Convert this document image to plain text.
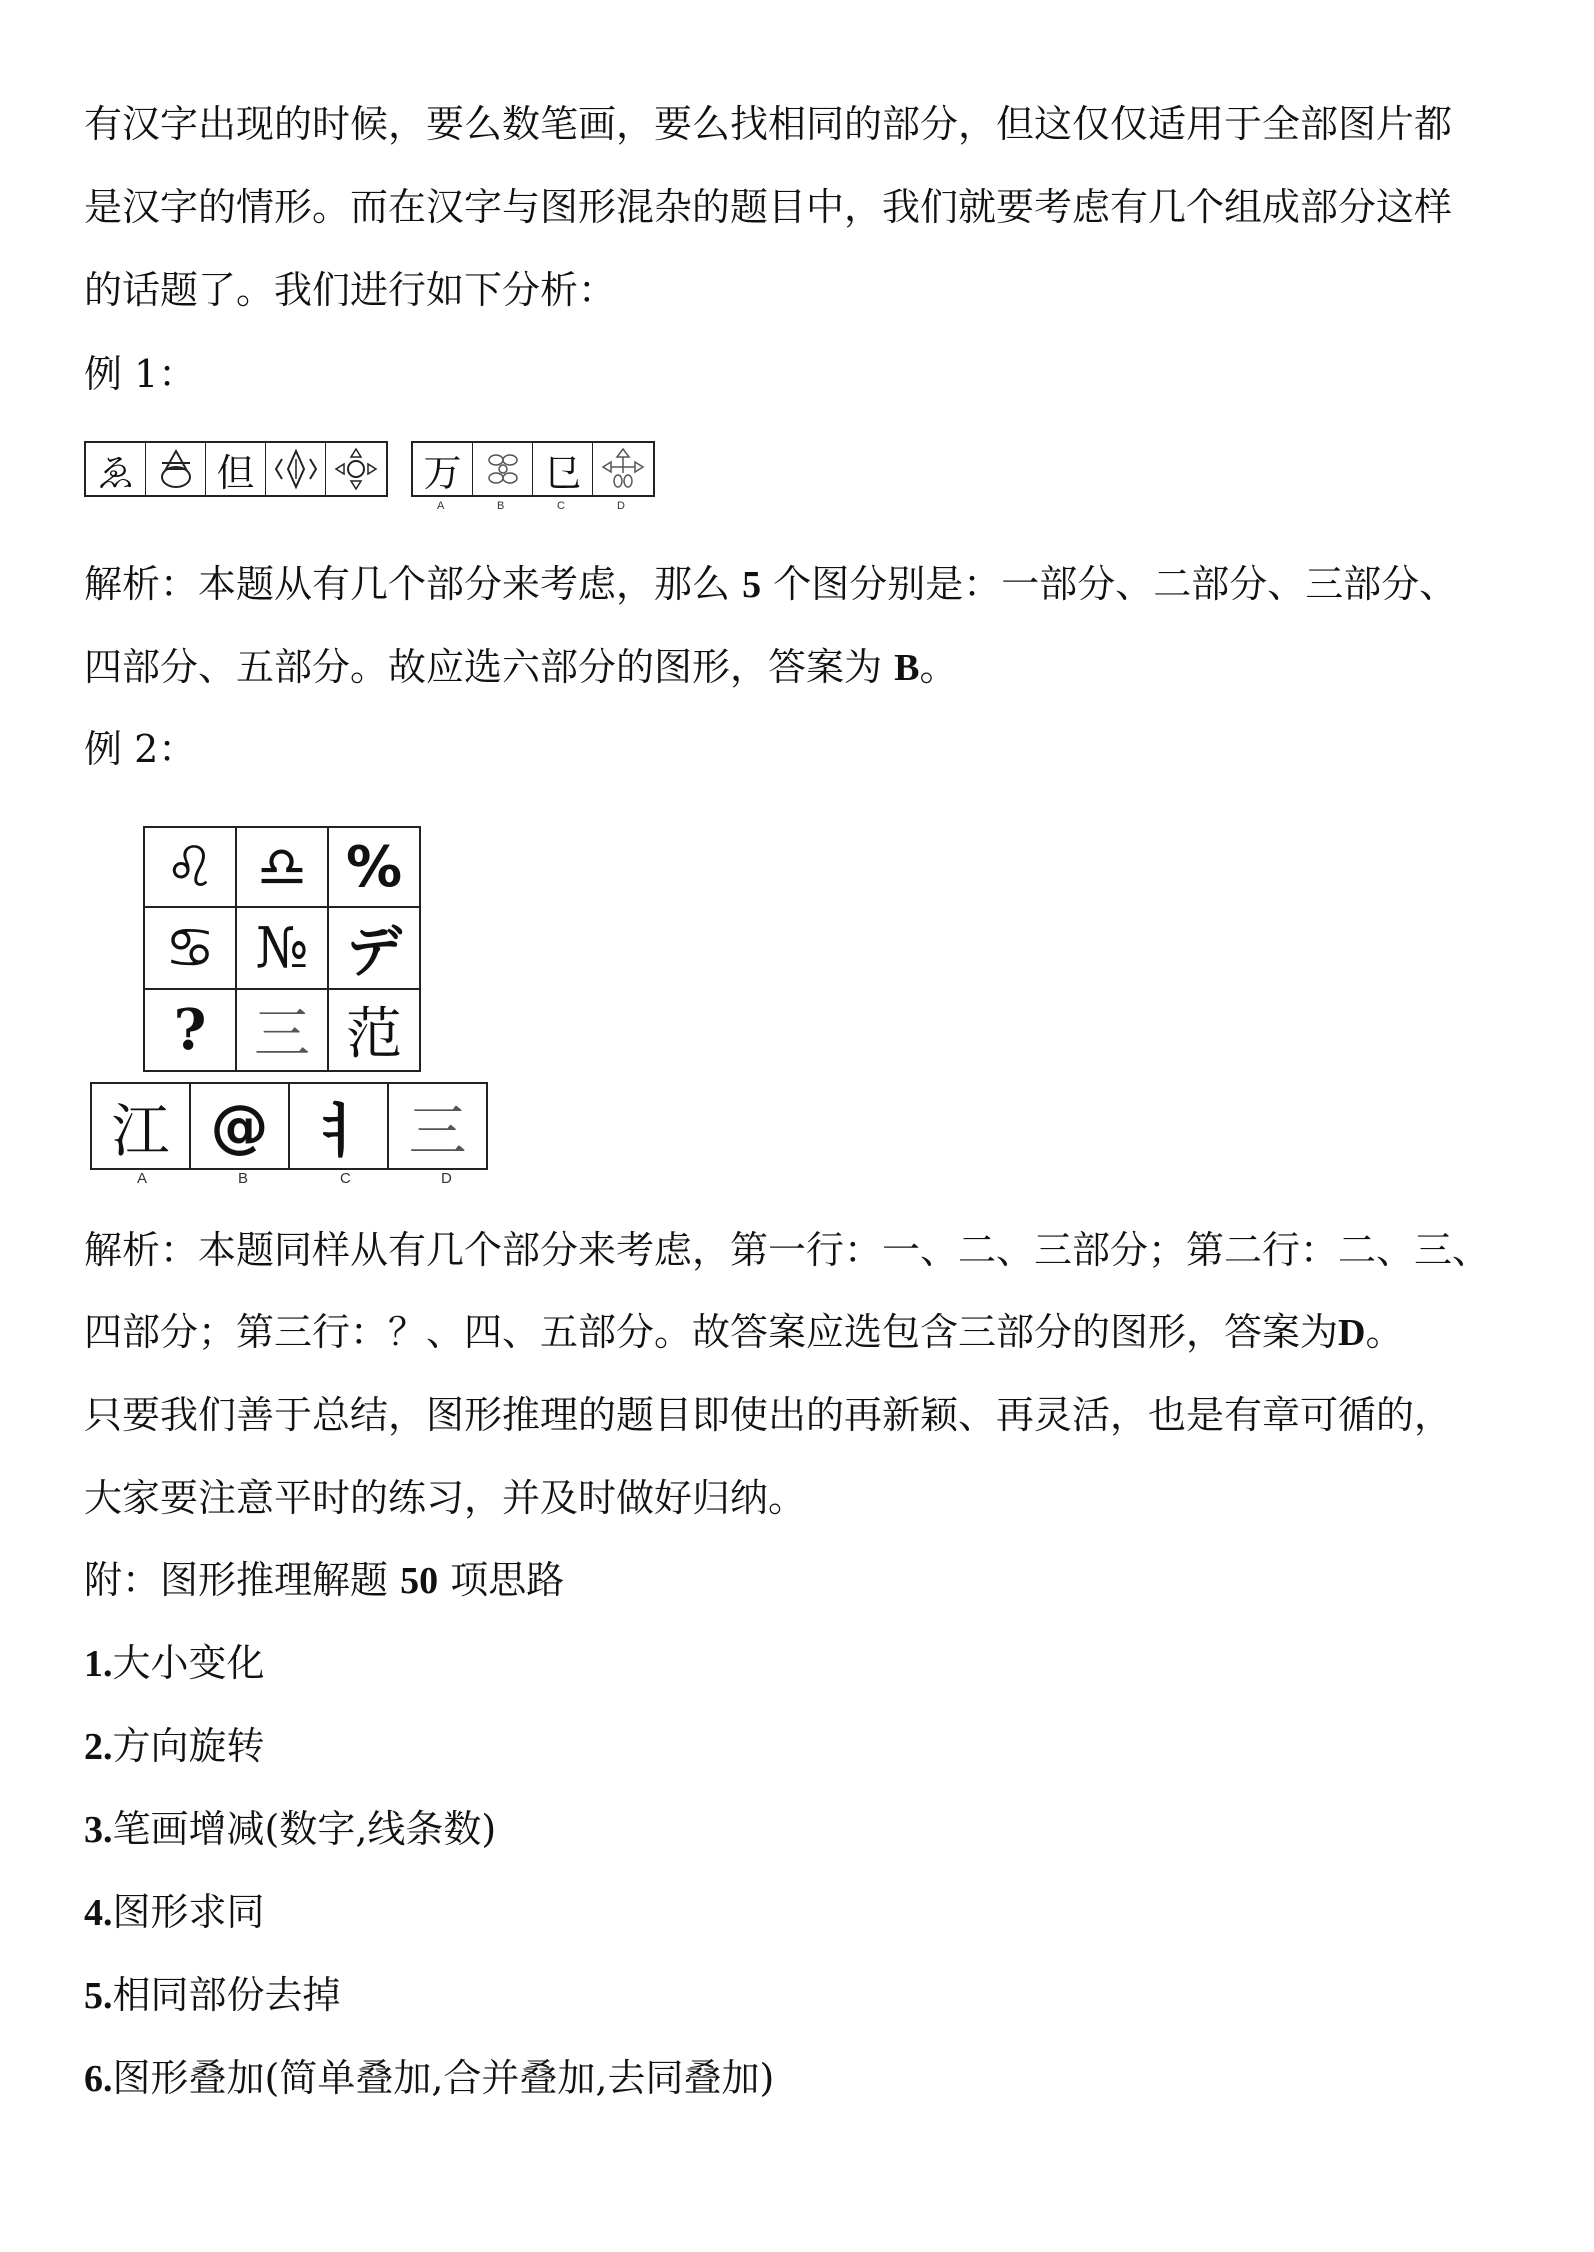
有汉字出现的时候，要么数笔画，要么找相同的部分，但这仅仅适用于全部图片都
是汉字的情形。而在汉字与图形混杂的题目中，我们就要考虑有几个组成部分这样
的话题了。我们进行如下分析：
例 1：
ゑ 但	万 㔾
A	B	C	D
解析：本题从有几个部分来考虑，那么 5 个图分别是：一部分、二部分、三部分、
四部分、五部分。故应选六部分的图形，答案为 B。
例 2：
♌	♎	%
♋	№	デ
?	三	范
江	@	ㅕ	三
A	B	C	D
解析：本题同样从有几个部分来考虑，第一行：一、二、三部分；第二行：二、三、
四部分；第三行：？、四、五部分。故答案应选包含三部分的图形，答案为D。
只要我们善于总结，图形推理的题目即使出的再新颖、再灵活，也是有章可循的，
大家要注意平时的练习，并及时做好归纳。
附：图形推理解题 50 项思路
1.大小变化
2.方向旋转
3.笔画增减(数字,线条数)
4.图形求同
5.相同部份去掉
6.图形叠加(简单叠加,合并叠加,去同叠加)
